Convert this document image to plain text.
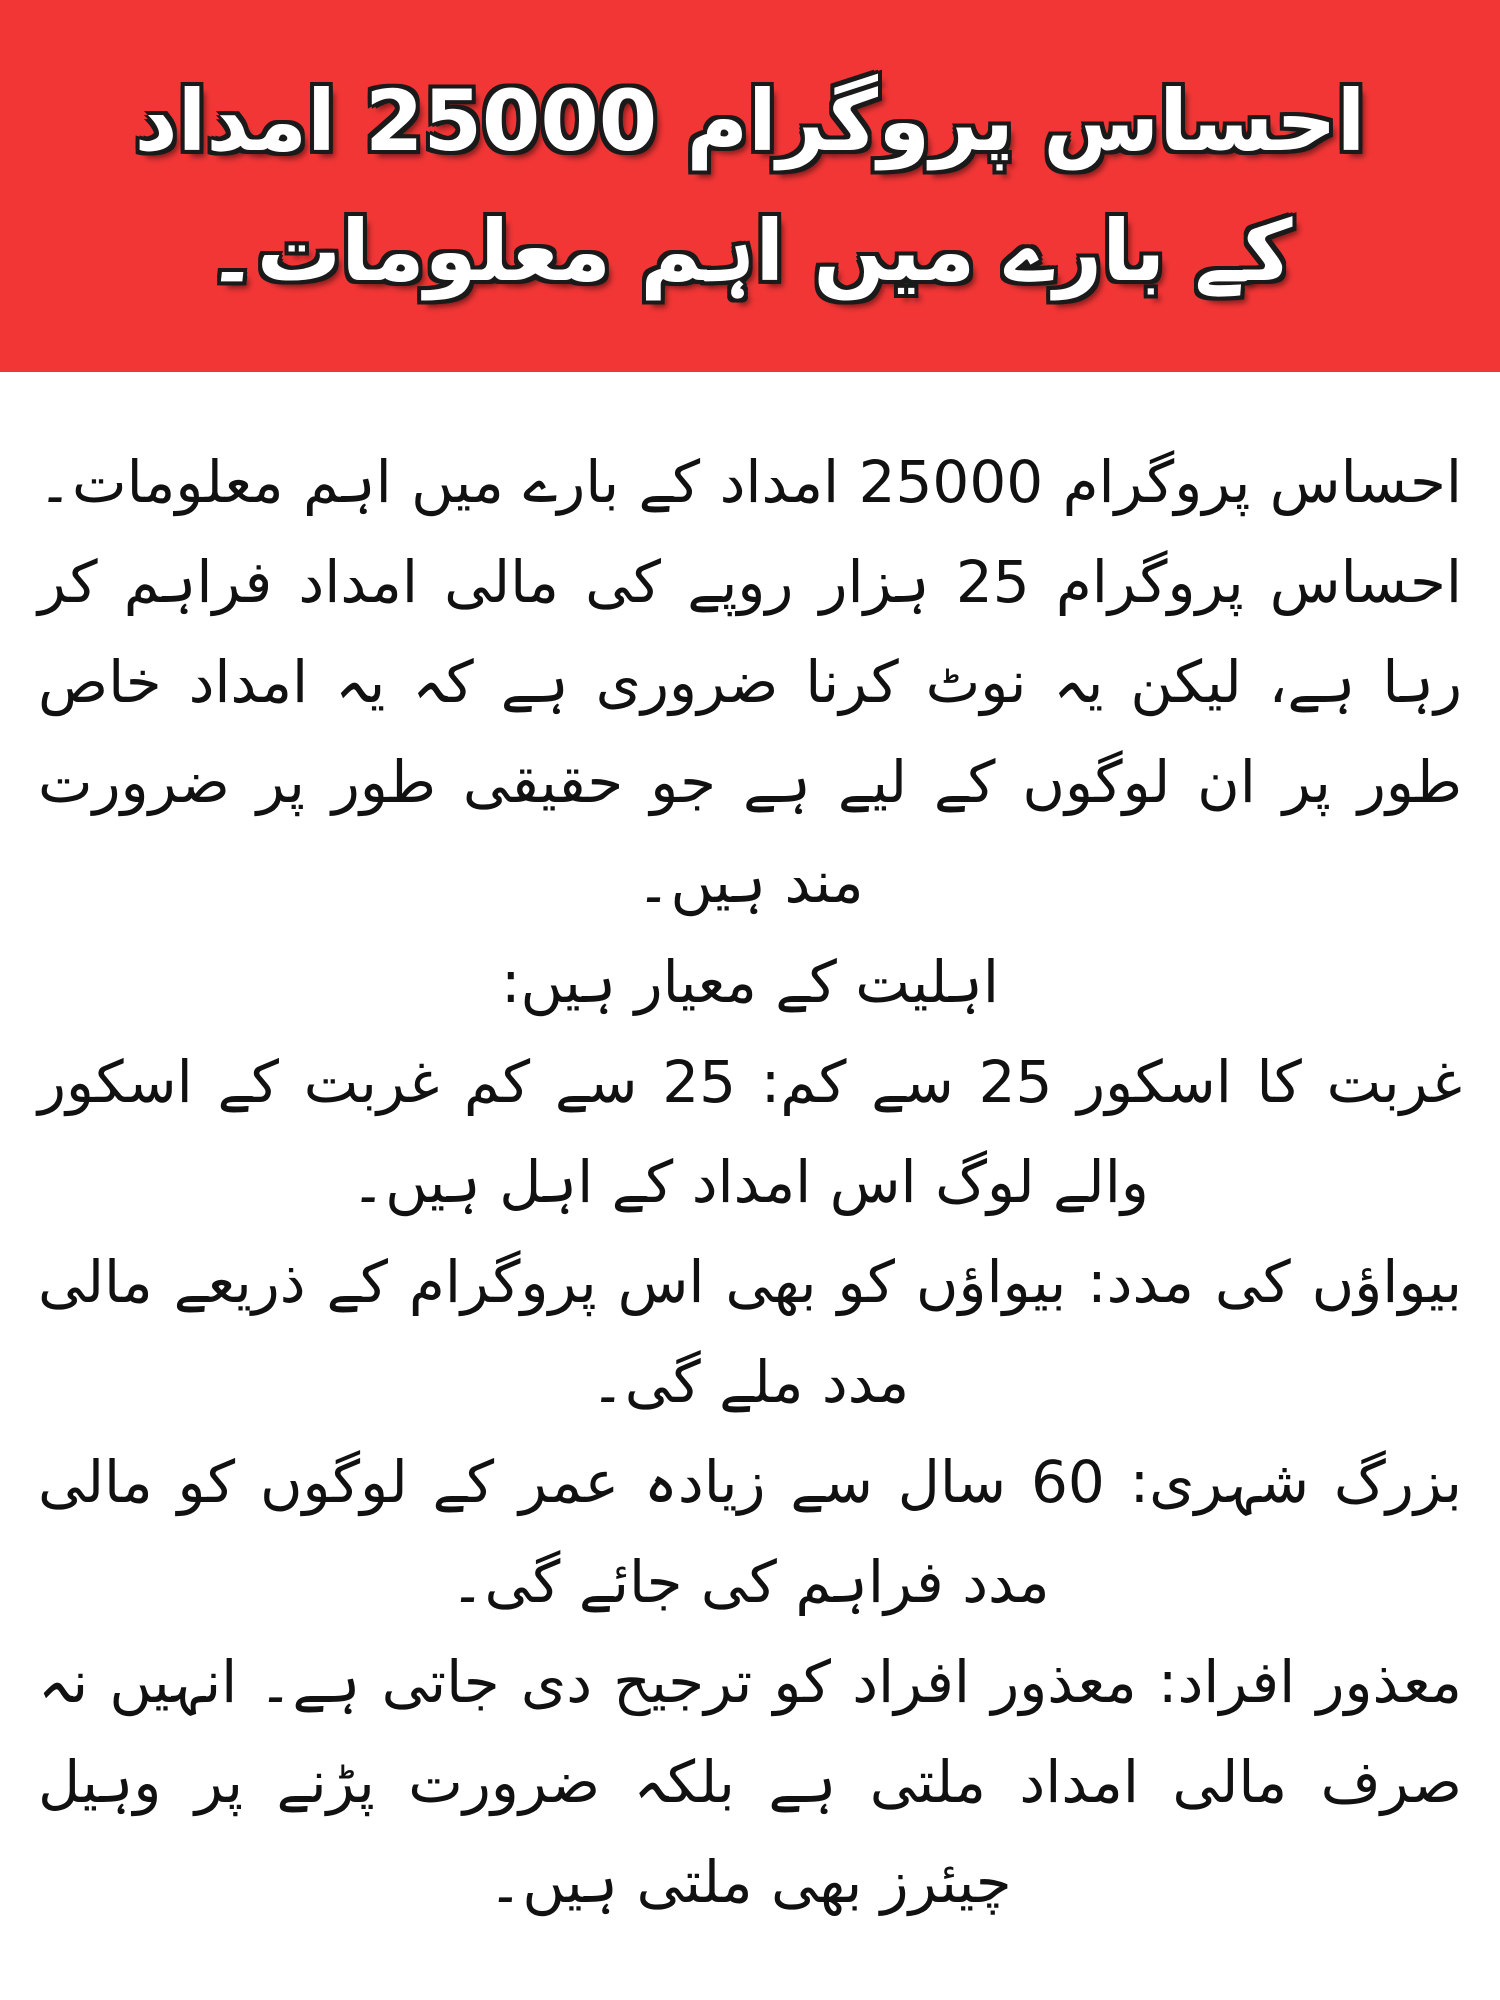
احساس پروگرام 25000 امداد
کے بارے میں اہم معلومات۔

احساس پروگرام 25000 امداد کے بارے میں اہم معلومات۔ احساس پروگرام 25 ہزار روپے کی مالی امداد فراہم کر رہا ہے، لیکن یہ نوٹ کرنا ضروری ہے کہ یہ امداد خاص طور پر ان لوگوں کے لیے ہے جو حقیقی طور پر ضرورت مند ہیں۔

اہلیت کے معیار ہیں:

غربت کا اسکور 25 سے کم: 25 سے کم غربت کے اسکور والے لوگ اس امداد کے اہل ہیں۔

بیواؤں کی مدد: بیواؤں کو بھی اس پروگرام کے ذریعے مالی مدد ملے گی۔

بزرگ شہری: 60 سال سے زیادہ عمر کے لوگوں کو مالی مدد فراہم کی جائے گی۔

معذور افراد: معذور افراد کو ترجیح دی جاتی ہے۔ انہیں نہ صرف مالی امداد ملتی ہے بلکہ ضرورت پڑنے پر وہیل چیئرز بھی ملتی ہیں۔
